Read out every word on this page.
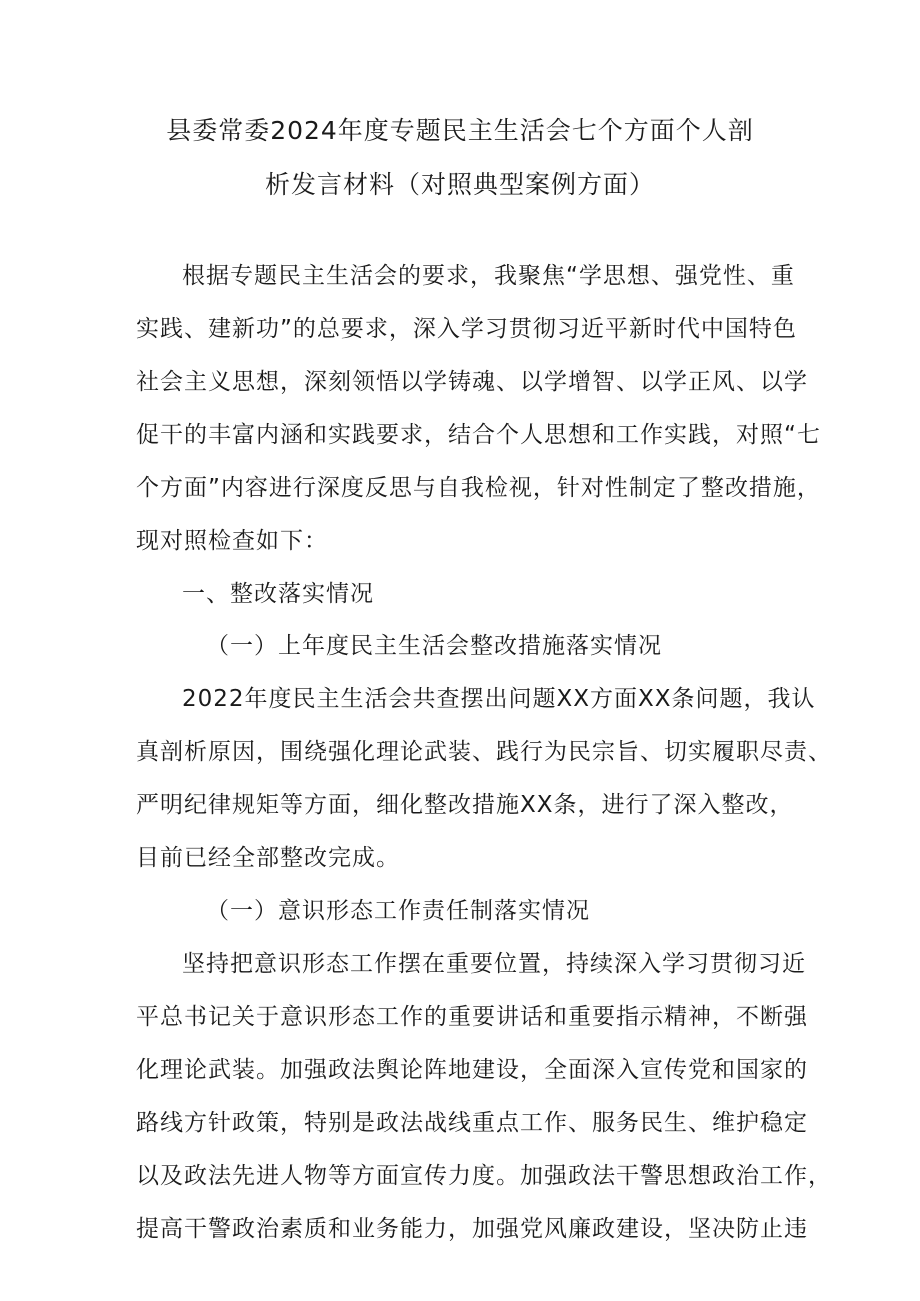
县委常委2024年度专题民主生活会七个方面个人剖
析发言材料（对照典型案例方面）
根据专题民主生活会的要求，我聚焦“学思想、强党性、重
实践、建新功”的总要求，深入学习贯彻习近平新时代中国特色
社会主义思想，深刻领悟以学铸魂、以学增智、以学正风、以学
促干的丰富内涵和实践要求，结合个人思想和工作实践，对照“七
个方面”内容进行深度反思与自我检视，针对性制定了整改措施，
现对照检查如下：
一、整改落实情况
（一）上年度民主生活会整改措施落实情况
2022年度民主生活会共查摆出问题XX方面XX条问题，我认
真剖析原因，围绕强化理论武装、践行为民宗旨、切实履职尽责、
严明纪律规矩等方面，细化整改措施XX条，进行了深入整改，
目前已经全部整改完成。
（一）意识形态工作责任制落实情况
坚持把意识形态工作摆在重要位置，持续深入学习贯彻习近
平总书记关于意识形态工作的重要讲话和重要指示精神，不断强
化理论武装。加强政法舆论阵地建设，全面深入宣传党和国家的
路线方针政策，特别是政法战线重点工作、服务民生、维护稳定
以及政法先进人物等方面宣传力度。加强政法干警思想政治工作，
提高干警政治素质和业务能力，加强党风廉政建设，坚决防止违
